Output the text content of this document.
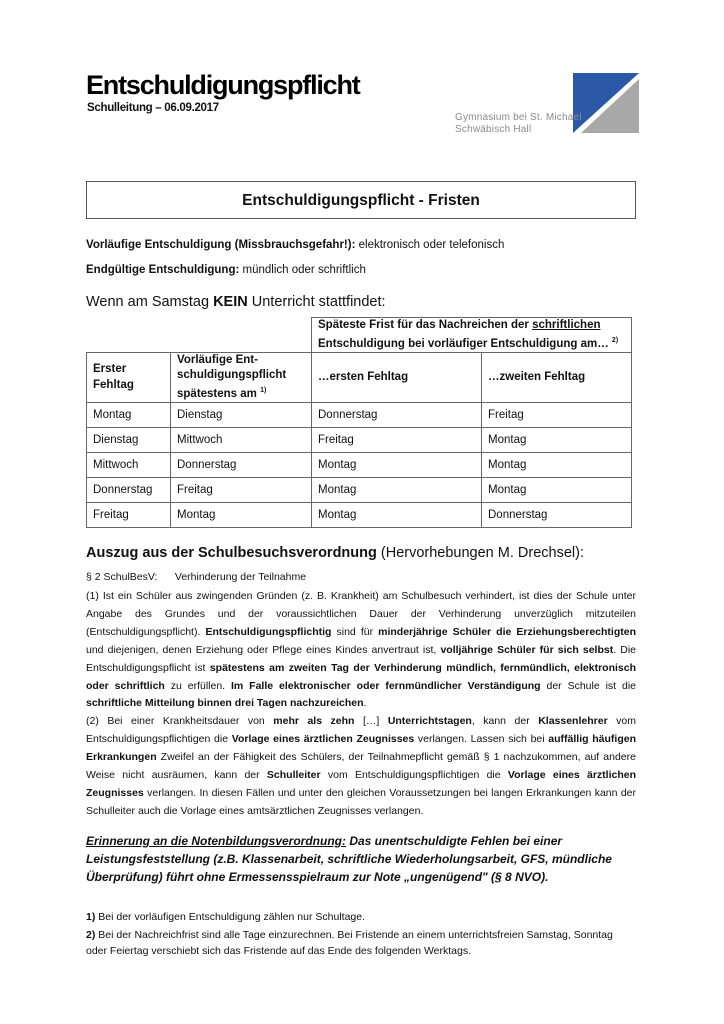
Entschuldigungspflicht
Schulleitung – 06.09.2017
Gymnasium bei St. Michael
Schwäbisch Hall
Entschuldigungspflicht - Fristen
Vorläufige Entschuldigung (Missbrauchsgefahr!): elektronisch oder telefonisch
Endgültige Entschuldigung: mündlich oder schriftlich
Wenn am Samstag KEIN Unterricht stattfindet:
		Späteste Frist für das Nachreichen der schriftlichen Entschuldigung bei vorläufiger Entschuldigung am… $^{2)}$
Erster Fehltag	Vorläufige Ent-schuldigungspflicht spätestens am $^{1)}$	…ersten Fehltag	…zweiten Fehltag
Montag	Dienstag	Donnerstag	Freitag
Dienstag	Mittwoch	Freitag	Montag
Mittwoch	Donnerstag	Montag	Montag
Donnerstag	Freitag	Montag	Montag
Freitag	Montag	Montag	Donnerstag
Auszug aus der Schulbesuchsverordnung (Hervorhebungen M. Drechsel):
§ 2 SchulBesV:      Verhinderung der Teilnahme
(1) Ist ein Schüler aus zwingenden Gründen (z. B. Krankheit) am Schulbesuch verhindert, ist dies der Schule unter Angabe des Grundes und der voraussichtlichen Dauer der Verhinderung unverzüglich mitzuteilen (Entschuldigungspflicht). Entschuldigungspflichtig sind für minderjährige Schüler die Erziehungsberechtigten und diejenigen, denen Erziehung oder Pflege eines Kindes anvertraut ist, volljährige Schüler für sich selbst. Die Entschuldigungspflicht ist spätestens am zweiten Tag der Verhinderung mündlich, fernmündlich, elektronisch oder schriftlich zu erfüllen. Im Falle elektronischer oder fernmündlicher Verständigung der Schule ist die schriftliche Mitteilung binnen drei Tagen nachzureichen.
(2) Bei einer Krankheitsdauer von mehr als zehn […] Unterrichtstagen, kann der Klassenlehrer vom Entschuldigungspflichtigen die Vorlage eines ärztlichen Zeugnisses verlangen. Lassen sich bei auffällig häufigen Erkrankungen Zweifel an der Fähigkeit des Schülers, der Teilnahmepflicht gemäß § 1 nachzukommen, auf andere Weise nicht ausräumen, kann der Schulleiter vom Entschuldigungspflichtigen die Vorlage eines ärztlichen Zeugnisses verlangen. In diesen Fällen und unter den gleichen Voraussetzungen bei langen Erkrankungen kann der Schulleiter auch die Vorlage eines amtsärztlichen Zeugnisses verlangen.
Erinnerung an die Notenbildungsverordnung: Das unentschuldigte Fehlen bei einer Leistungsfeststellung (z.B. Klassenarbeit, schriftliche Wiederholungsarbeit, GFS, mündliche Überprüfung) führt ohne Ermessensspielraum zur Note „ungenügend" (§ 8 NVO).
1) Bei der vorläufigen Entschuldigung zählen nur Schultage.
2) Bei der Nachreichfrist sind alle Tage einzurechnen. Bei Fristende an einem unterrichtsfreien Samstag, Sonntag oder Feiertag verschiebt sich das Fristende auf das Ende des folgenden Werktags.
